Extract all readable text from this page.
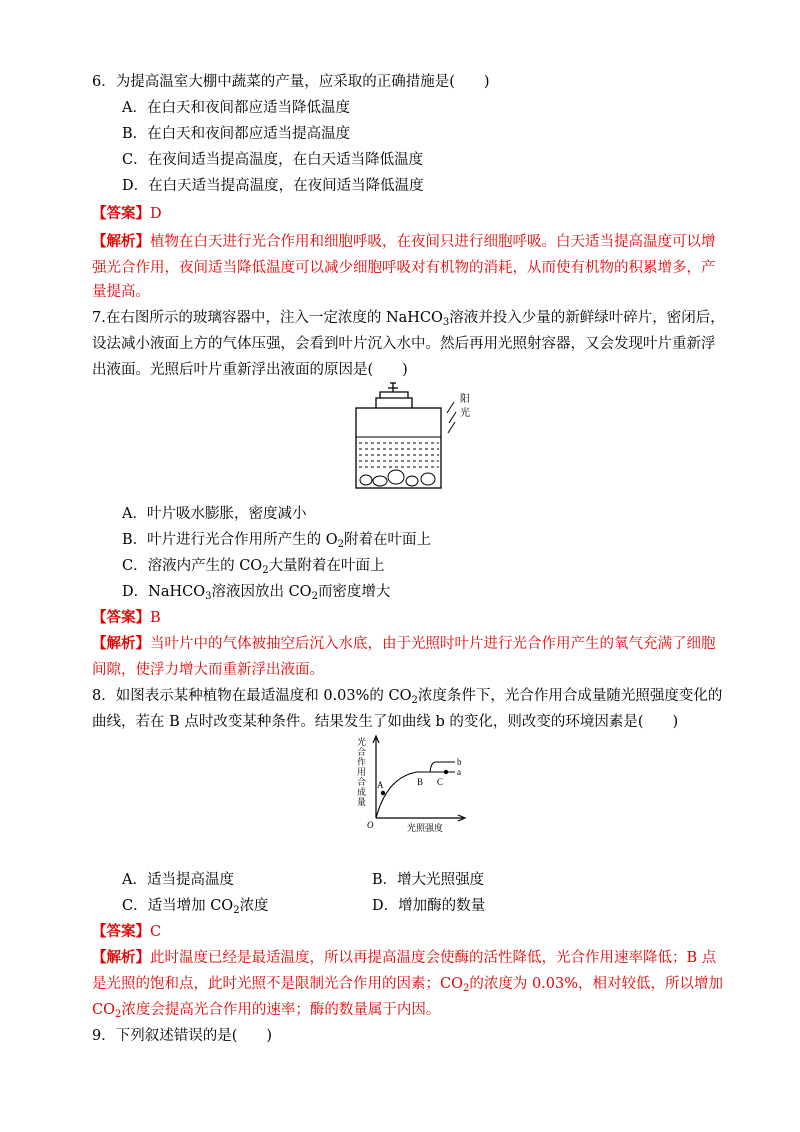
6．为提高温室大棚中蔬菜的产量，应采取的正确措施是(　　)
A．在白天和夜间都应适当降低温度
B．在白天和夜间都应适当提高温度
C．在夜间适当提高温度，在白天适当降低温度
D．在白天适当提高温度，在夜间适当降低温度
【答案】D
【解析】植物在白天进行光合作用和细胞呼吸，在夜间只进行细胞呼吸。白天适当提高温度可以增
强光合作用，夜间适当降低温度可以减少细胞呼吸对有机物的消耗，从而使有机物的积累增多，产
量提高。
7.在右图所示的玻璃容器中，注入一定浓度的 NaHCO$_3$溶液并投入少量的新鲜绿叶碎片，密闭后，
设法减小液面上方的气体压强，会看到叶片沉入水中。然后再用光照射容器，又会发现叶片重新浮
出液面。光照后叶片重新浮出液面的原因是(　　)
阳
光
A．叶片吸水膨胀，密度减小
B．叶片进行光合作用所产生的 $O_2$附着在叶面上
C．溶液内产生的 $CO_2$大量附着在叶面上
D．NaHCO$_3$溶液因放出 $CO_2$而密度增大
【答案】B
【解析】当叶片中的气体被抽空后沉入水底，由于光照时叶片进行光合作用产生的氧气充满了细胞
间隙，使浮力增大而重新浮出液面。
8．如图表示某种植物在最适温度和 0.03%的 $CO_2$浓度条件下，光合作用合成量随光照强度变化的
曲线，若在 B 点时改变某种条件。结果发生了如曲线 b 的变化，则改变的环境因素是(　　)
光
合
作
用
合
成
量
A	B C
a
b
O	光照强度
A．适当提高温度	B．增大光照强度
C．适当增加 $CO_2$浓度	D．增加酶的数量
【答案】C
【解析】此时温度已经是最适温度，所以再提高温度会使酶的活性降低，光合作用速率降低；B 点
是光照的饱和点，此时光照不是限制光合作用的因素；$CO_2$的浓度为 0.03%，相对较低，所以增加
$CO_2$浓度会提高光合作用的速率；酶的数量属于内因。
9．下列叙述错误的是(　　)
